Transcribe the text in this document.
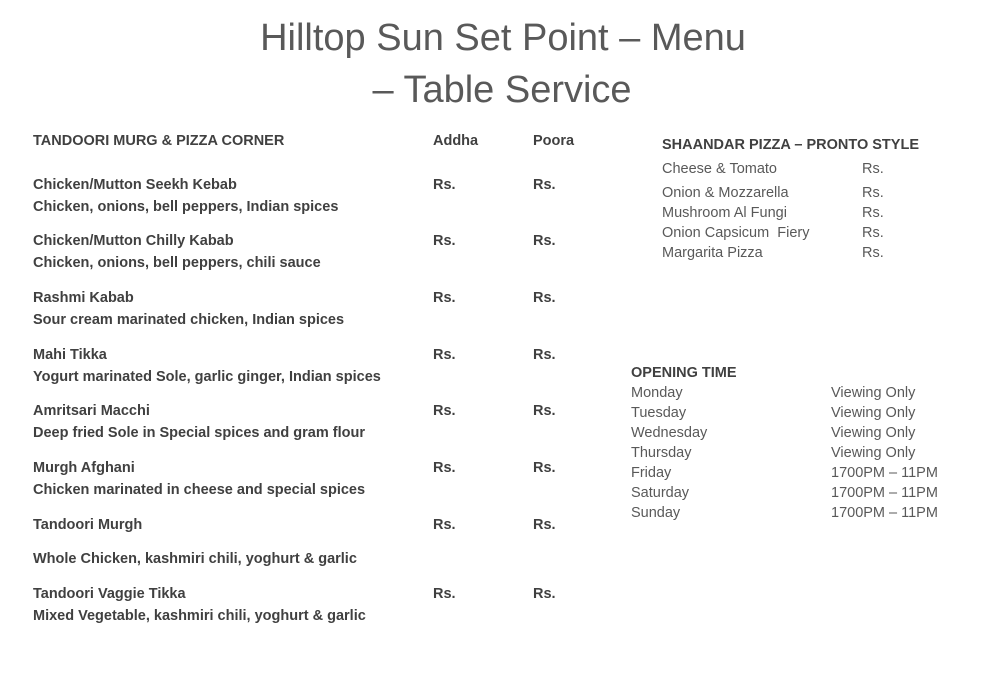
Hilltop Sun Set Point – Menu
– Table Service
TANDOORI MURG & PIZZA CORNER	Addha	Poora
Chicken/Mutton Seekh Kebab	Rs.	Rs.
Chicken, onions, bell peppers, Indian spices
Chicken/Mutton Chilly Kabab	Rs.	Rs.
Chicken, onions, bell peppers, chili sauce
Rashmi Kabab	Rs.	Rs.
Sour cream marinated chicken, Indian spices
Mahi Tikka	Rs.	Rs.
Yogurt marinated Sole, garlic ginger, Indian spices
Amritsari Macchi	Rs.	Rs.
Deep fried Sole in Special spices and gram flour
Murgh Afghani	Rs.	Rs.
Chicken marinated in cheese and special spices
Tandoori Murgh	Rs.	Rs.
Whole Chicken, kashmiri chili, yoghurt & garlic
Tandoori Vaggie Tikka	Rs.	Rs.
Mixed Vegetable, kashmiri chili, yoghurt & garlic
SHAANDAR PIZZA – PRONTO STYLE
Cheese & Tomato	Rs.
Onion & Mozzarella	Rs.
Mushroom Al Fungi	Rs.
Onion Capsicum  Fiery	Rs.
Margarita Pizza	Rs.
OPENING TIME
Monday	Viewing Only
Tuesday	Viewing Only
Wednesday	Viewing Only
Thursday	Viewing Only
Friday	1700PM – 11PM
Saturday	1700PM – 11PM
Sunday	1700PM – 11PM
